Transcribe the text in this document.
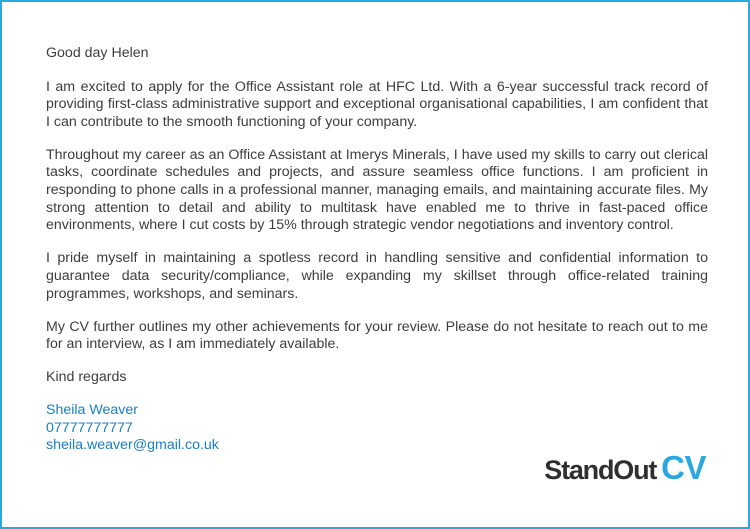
Good day Helen

I am excited to apply for the Office Assistant role at HFC Ltd. With a 6-year successful track record of providing first-class administrative support and exceptional organisational capabilities, I am confident that I can contribute to the smooth functioning of your company.

Throughout my career as an Office Assistant at Imerys Minerals, I have used my skills to carry out clerical tasks, coordinate schedules and projects, and assure seamless office functions. I am proficient in responding to phone calls in a professional manner, managing emails, and maintaining accurate files. My strong attention to detail and ability to multitask have enabled me to thrive in fast-paced office environments, where I cut costs by 15% through strategic vendor negotiations and inventory control.

I pride myself in maintaining a spotless record in handling sensitive and confidential information to guarantee data security/compliance, while expanding my skillset through office-related training programmes, workshops, and seminars.

My CV further outlines my other achievements for your review. Please do not hesitate to reach out to me for an interview, as I am immediately available.

Kind regards

Sheila Weaver
07777777777
sheila.weaver@gmail.co.uk
StandOut CV
